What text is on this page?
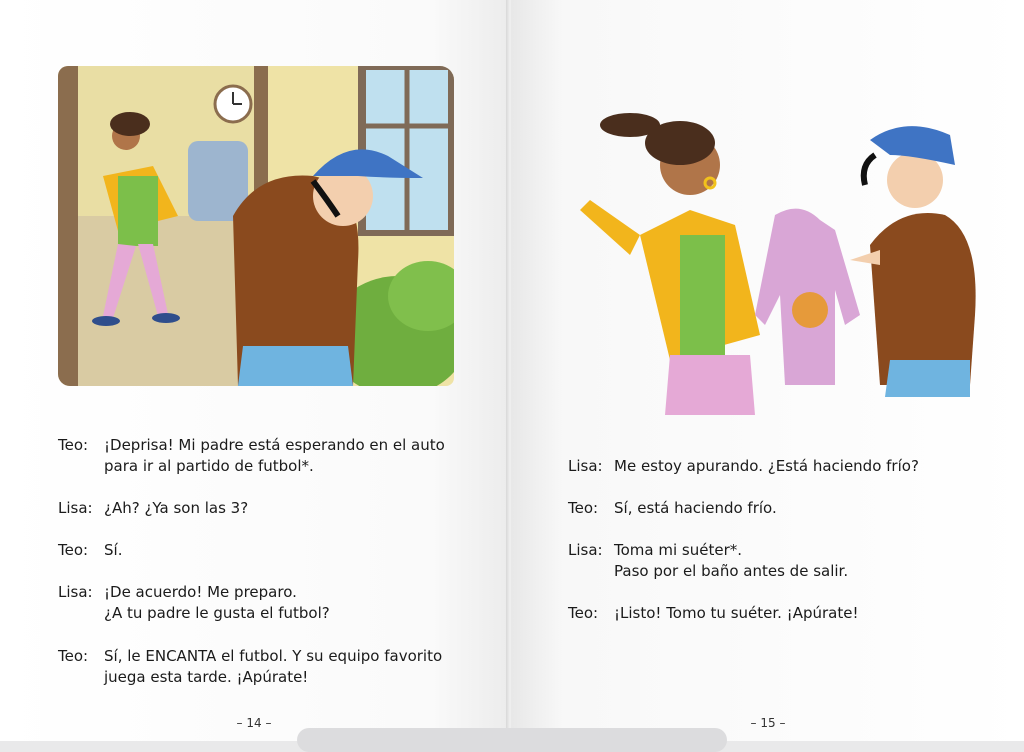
Teo:	¡Deprisa! Mi padre está esperando en el auto
para ir al partido de futbol*.
Lisa: ¿Ah? ¿Ya son las 3?
Teo:	Sí.
Lisa: ¡De acuerdo! Me preparo.
¿A tu padre le gusta el futbol?
Teo:	Sí, le ENCANTA el futbol. Y su equipo favorito
juega esta tarde. ¡Apúrate!
– 14 –
Lisa: Me estoy apurando. ¿Está haciendo frío?
Teo:	Sí, está haciendo frío.
Lisa: Toma mi suéter*.
Paso por el baño antes de salir.
Teo:	¡Listo! Tomo tu suéter. ¡Apúrate!
– 15 –
